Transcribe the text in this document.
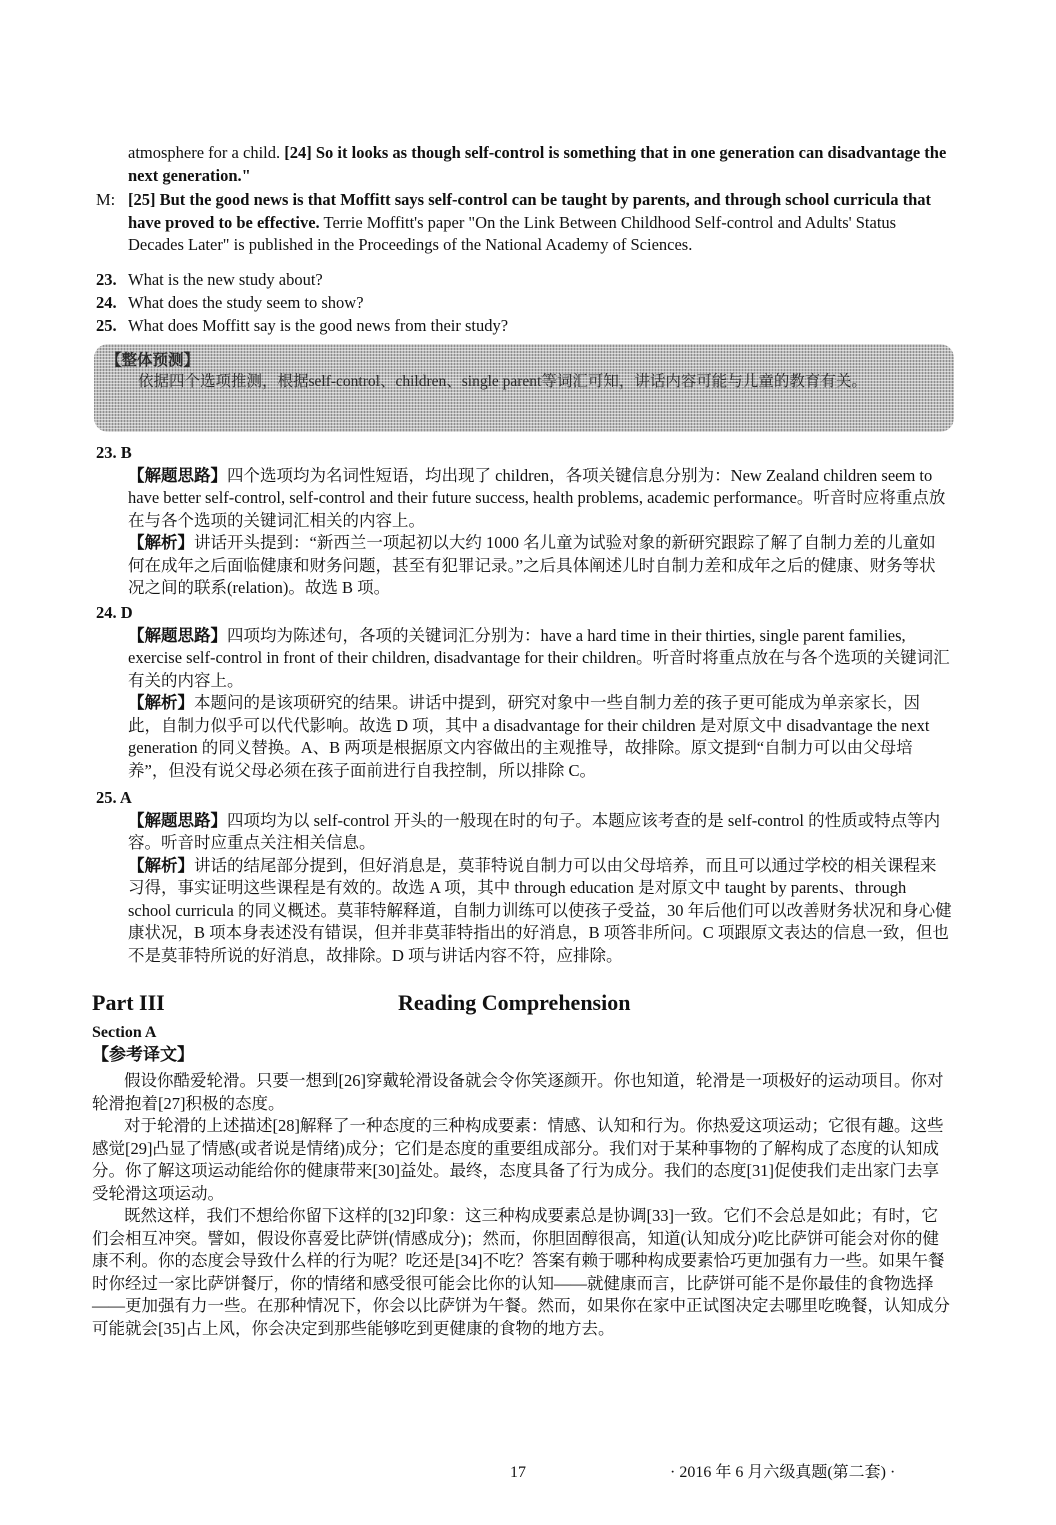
atmosphere for a child. [24] So it looks as though self-control is something that in one generation can disadvantage the next generation."

M: [25] But the good news is that Moffitt says self-control can be taught by parents, and through school curricula that have proved to be effective. Terrie Moffitt's paper "On the Link Between Childhood Self-control and Adults' Status Decades Later" is published in the Proceedings of the National Academy of Sciences.

23. What is the new study about?
24. What does the study seem to show?
25. What does Moffitt say is the good news from their study?
【整体预测】
依据四个选项推测，根据self-control、children、single parent等词汇可知，讲话内容可能与儿童的教育有关。
23. B

【解题思路】四个选项均为名词性短语，均出现了 children，各项关键信息分别为：New Zealand children seem to have better self-control, self-control and their future success, health problems, academic performance。听音时应将重点放在与各个选项的关键词汇相关的内容上。

【解析】讲话开头提到：“新西兰一项起初以大约 1000 名儿童为试验对象的新研究跟踪了解了自制力差的儿童如何在成年之后面临健康和财务问题，甚至有犯罪记录。”之后具体阐述儿时自制力差和成年之后的健康、财务等状况之间的联系(relation)。故选 B 项。

24. D

【解题思路】四项均为陈述句，各项的关键词汇分别为：have a hard time in their thirties, single parent families, exercise self-control in front of their children, disadvantage for their children。听音时将重点放在与各个选项的关键词汇有关的内容上。

【解析】本题问的是该项研究的结果。讲话中提到，研究对象中一些自制力差的孩子更可能成为单亲家长，因此，自制力似乎可以代代影响。故选 D 项，其中 a disadvantage for their children 是对原文中 disadvantage the next generation 的同义替换。A、B 两项是根据原文内容做出的主观推导，故排除。原文提到“自制力可以由父母培养”，但没有说父母必须在孩子面前进行自我控制，所以排除 C。

25. A

【解题思路】四项均为以 self-control 开头的一般现在时的句子。本题应该考查的是 self-control 的性质或特点等内容。听音时应重点关注相关信息。

【解析】讲话的结尾部分提到，但好消息是，莫菲特说自制力可以由父母培养，而且可以通过学校的相关课程来习得，事实证明这些课程是有效的。故选 A 项，其中 through education 是对原文中 taught by parents、through school curricula 的同义概述。莫菲特解释道，自制力训练可以使孩子受益，30 年后他们可以改善财务状况和身心健康状况，B 项本身表述没有错误，但并非莫菲特指出的好消息，B 项答非所问。C 项跟原文表达的信息一致，但也不是莫菲特所说的好消息，故排除。D 项与讲话内容不符，应排除。

Part III	Reading Comprehension
Section A
【参考译文】

假设你酷爱轮滑。只要一想到[26]穿戴轮滑设备就会令你笑逐颜开。你也知道，轮滑是一项极好的运动项目。你对轮滑抱着[27]积极的态度。

对于轮滑的上述描述[28]解释了一种态度的三种构成要素：情感、认知和行为。你热爱这项运动；它很有趣。这些感觉[29]凸显了情感(或者说是情绪)成分；它们是态度的重要组成部分。我们对于某种事物的了解构成了态度的认知成分。你了解这项运动能给你的健康带来[30]益处。最终，态度具备了行为成分。我们的态度[31]促使我们走出家门去享受轮滑这项运动。

既然这样，我们不想给你留下这样的[32]印象：这三种构成要素总是协调[33]一致。它们不会总是如此；有时，它们会相互冲突。譬如，假设你喜爱比萨饼(情感成分)；然而，你胆固醇很高，知道(认知成分)吃比萨饼可能会对你的健康不利。你的态度会导致什么样的行为呢？吃还是[34]不吃？答案有赖于哪种构成要素恰巧更加强有力一些。如果午餐时你经过一家比萨饼餐厅，你的情绪和感受很可能会比你的认知——就健康而言，比萨饼可能不是你最佳的食物选择——更加强有力一些。在那种情况下，你会以比萨饼为午餐。然而，如果你在家中正试图决定去哪里吃晚餐，认知成分可能就会[35]占上风，你会决定到那些能够吃到更健康的食物的地方去。

17	· 2016 年 6 月六级真题(第二套) ·
